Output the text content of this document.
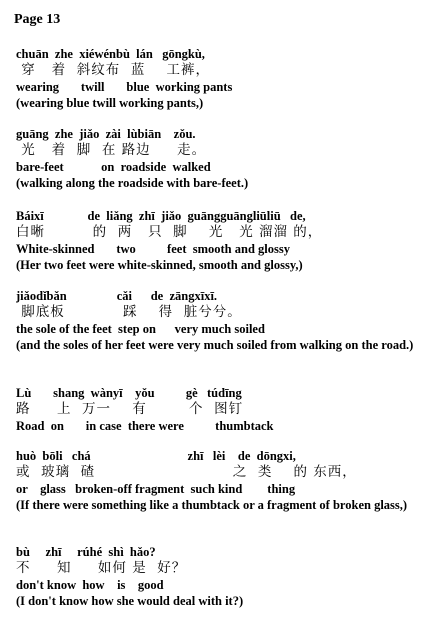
Page 13
chuān  zhe  xiéwénbù  lán   gōngkù,
穿   着  斜纹布  蓝    工裤，
wearing       twill       blue  working pants
(wearing blue twill working pants,)
guāng  zhe  jiǎo  zài  lùbiān    zǒu.
光   着  脚  在 路边     走。
bare-feet            on  roadside  walked
(walking along the roadside with bare-feet.)
Báixī              de  liǎng  zhī  jiǎo  guāngguāngliūliū   de,
白晰         的  两   只  脚    光   光 溜溜 的，
White-skinned       two          feet  smooth and glossy
(Her two feet were white-skinned, smooth and glossy,)
jiǎodǐbǎn                cǎi      de  zāngxīxī.
脚底板           踩    得  脏兮兮。
the sole of the feet  step on      very much soiled
(and the soles of her feet were very much soiled from walking on the road.)
Lù       shang  wànyī    yǒu          gè   túdīng
路     上  万一    有        个  图钉
Road  on       in case  there were          thumbtack
huò  bōli   chá                               zhī   lèi    de  dōngxi,
或  玻璃  碴                          之  类    的 东西，
or    glass   broken-off fragment  such kind        thing
(If there were something like a thumbtack or a fragment of broken glass,)
bù     zhī     rúhé  shì  hǎo?
不     知     如何 是  好？
don't know  how    is    good
(I don't know how she would deal with it?)
